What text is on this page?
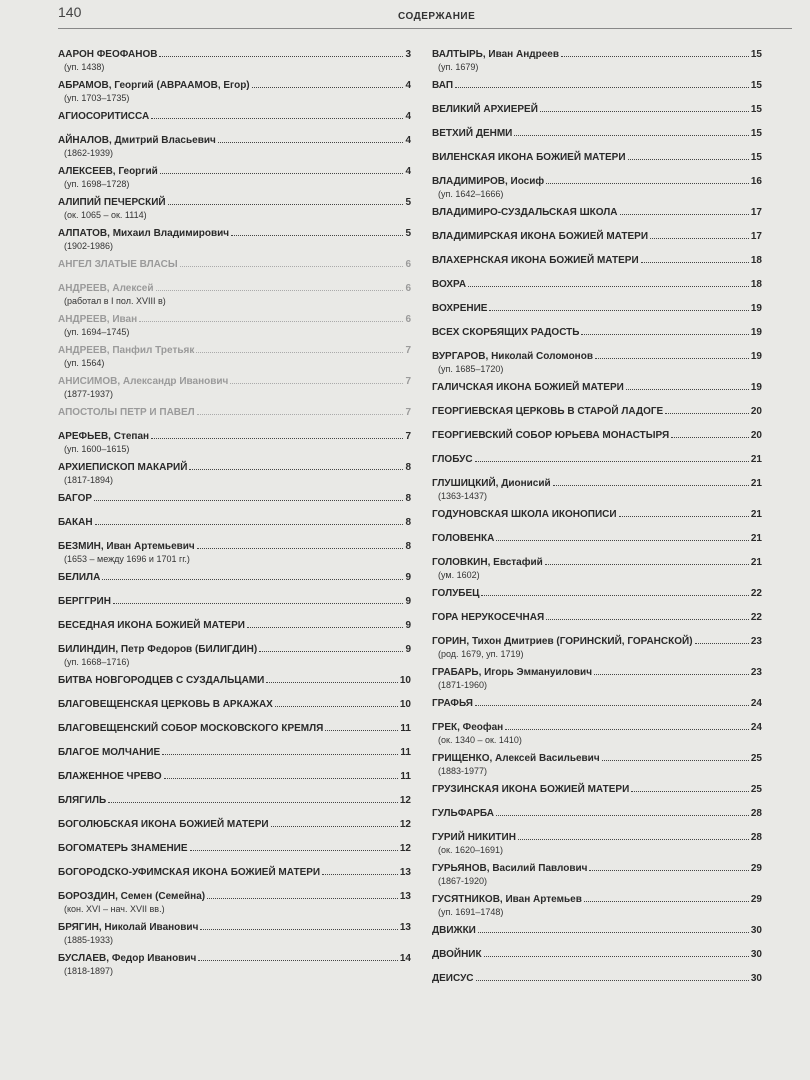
140	СОДЕРЖАНИЕ
ААРОН ФЕОФАНОВ	3
(уп. 1438)
АБРАМОВ, Георгий (АВРААМОВ, Егор)	4
(уп. 1703–1735)
АГИОСОРИТИССА	4
АЙНАЛОВ, Дмитрий Власьевич	4
(1862-1939)
АЛЕКСЕЕВ, Георгий	4
(уп. 1698–1728)
АЛИПИЙ ПЕЧЕРСКИЙ	5
(ок. 1065 – ок. 1114)
АЛПАТОВ, Михаил Владимирович	5
(1902-1986)
АНГЕЛ ЗЛАТЫЕ ВЛАСЫ	6
АНДРЕЕВ, Алексей	6
(работал в I пол. XVIII в)
АНДРЕЕВ, Иван	6
(уп. 1694–1745)
АНДРЕЕВ, Панфил Третьяк	7
(уп. 1564)
АНИСИМОВ, Александр Иванович	7
(1877-1937)
АПОСТОЛЫ ПЕТР И ПАВЕЛ	7
АРЕФЬЕВ, Степан	7
(уп. 1600–1615)
АРХИЕПИСКОП МАКАРИЙ	8
(1817-1894)
БАГОР	8
БАКАН	8
БЕЗМИН, Иван Артемьевич	8
(1653 – между 1696 и 1701 гг.)
БЕЛИЛА	9
БЕРГГРИН	9
БЕСЕДНАЯ ИКОНА БОЖИЕЙ МАТЕРИ	9
БИЛИНДИН, Петр Федоров (БИЛИГДИН)	9
(уп. 1668–1716)
БИТВА НОВГОРОДЦЕВ С СУЗДАЛЬЦАМИ	10
БЛАГОВЕЩЕНСКАЯ ЦЕРКОВЬ В АРКАЖАХ	10
БЛАГОВЕЩЕНСКИЙ СОБОР МОСКОВСКОГО КРЕМЛЯ	11
БЛАГОЕ МОЛЧАНИЕ	11
БЛАЖЕННОЕ ЧРЕВО	11
БЛЯГИЛЬ	12
БОГОЛЮБСКАЯ ИКОНА БОЖИЕЙ МАТЕРИ	12
БОГОМАТЕРЬ ЗНАМЕНИЕ	12
БОГОРОДСКО-УФИМСКАЯ ИКОНА БОЖИЕЙ МАТЕРИ	13
БОРОЗДИН, Семен (Семейна)	13
(кон. XVI – нач. XVII вв.)
БРЯГИН, Николай Иванович	13
(1885-1933)
БУСЛАЕВ, Федор Иванович	14
(1818-1897)
ВАЛТЫРЬ, Иван Андреев	15
(уп. 1679)
ВАП	15
ВЕЛИКИЙ АРХИЕРЕЙ	15
ВЕТХИЙ ДЕНМИ	15
ВИЛЕНСКАЯ ИКОНА БОЖИЕЙ МАТЕРИ	15
ВЛАДИМИРОВ, Иосиф	16
(уп. 1642–1666)
ВЛАДИМИРО-СУЗДАЛЬСКАЯ ШКОЛА	17
ВЛАДИМИРСКАЯ ИКОНА БОЖИЕЙ МАТЕРИ	17
ВЛАХЕРНСКАЯ ИКОНА БОЖИЕЙ МАТЕРИ	18
ВОХРА	18
ВОХРЕНИЕ	19
ВСЕХ СКОРБЯЩИХ РАДОСТЬ	19
ВУРГАРОВ, Николай Соломонов	19
(уп. 1685–1720)
ГАЛИЧСКАЯ ИКОНА БОЖИЕЙ МАТЕРИ	19
ГЕОРГИЕВСКАЯ ЦЕРКОВЬ В СТАРОЙ ЛАДОГЕ	20
ГЕОРГИЕВСКИЙ СОБОР ЮРЬЕВА МОНАСТЫРЯ	20
ГЛОБУС	21
ГЛУШИЦКИЙ, Дионисий	21
(1363-1437)
ГОДУНОВСКАЯ ШКОЛА ИКОНОПИСИ	21
ГОЛОВЕНКА	21
ГОЛОВКИН, Евстафий	21
(ум. 1602)
ГОЛУБЕЦ	22
ГОРА НЕРУКОСЕЧНАЯ	22
ГОРИН, Тихон Дмитриев (ГОРИНСКИЙ, ГОРАНСКОЙ)	23
(род. 1679, уп. 1719)
ГРАБАРЬ, Игорь Эммануилович	23
(1871-1960)
ГРАФЬЯ	24
ГРЕК, Феофан	24
(ок. 1340 – ок. 1410)
ГРИЩЕНКО, Алексей Васильевич	25
(1883-1977)
ГРУЗИНСКАЯ ИКОНА БОЖИЕЙ МАТЕРИ	25
ГУЛЬФАРБА	28
ГУРИЙ НИКИТИН	28
(ок. 1620–1691)
ГУРЬЯНОВ, Василий Павлович	29
(1867-1920)
ГУСЯТНИКОВ, Иван Артемьев	29
(уп. 1691–1748)
ДВИЖКИ	30
ДВОЙНИК	30
ДЕИСУС	30
